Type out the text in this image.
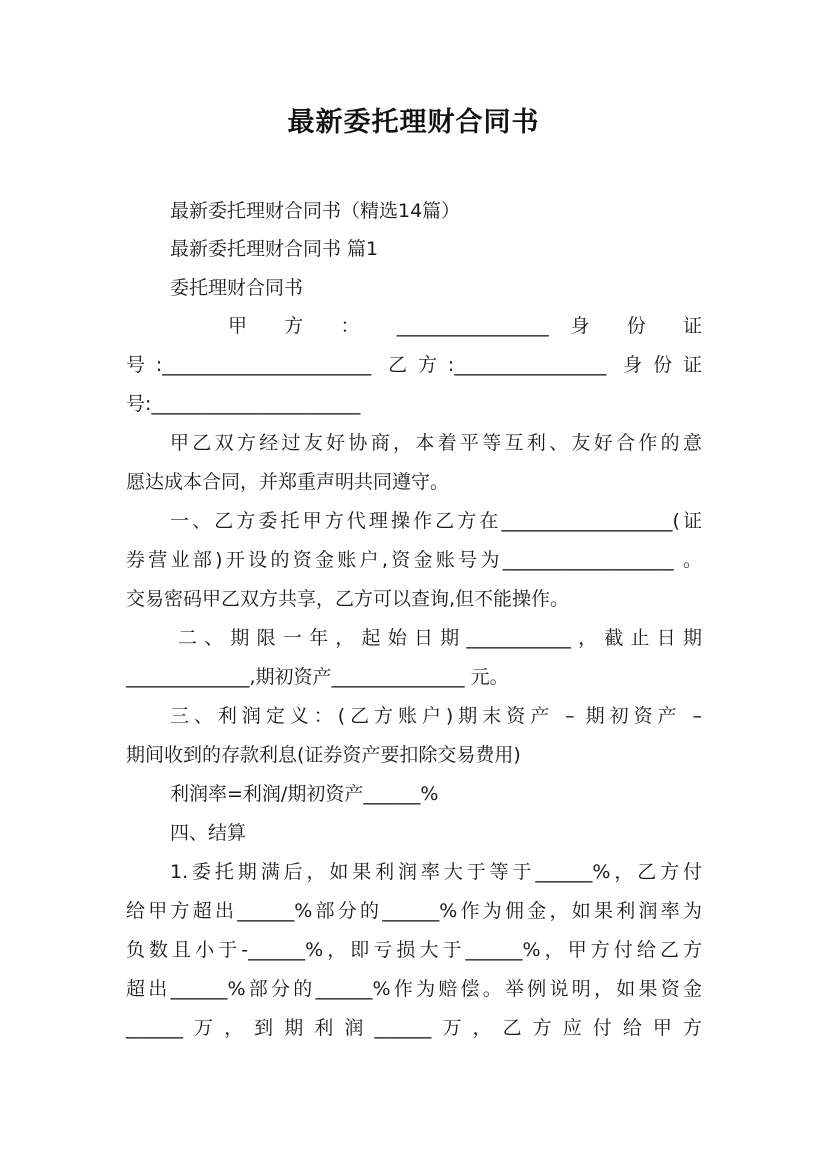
最新委托理财合同书
最新委托理财合同书（精选14篇）
最新委托理财合同书 篇1
委托理财合同书
甲 方 ： ________________ 身 份 证
号:______________________ 乙方:________________ 身份证
号:______________________
甲乙双方经过友好协商，本着平等互利、友好合作的意
愿达成本合同，并郑重声明共同遵守。
一、乙方委托甲方代理操作乙方在__________________(证
券营业部)开设的资金账户,资金账号为__________________ 。
交易密码甲乙双方共享，乙方可以查询,但不能操作。
二、期限一年，起始日期___________，截止日期
_____________,期初资产______________ 元。
三、利润定义：(乙方账户)期末资产 – 期初资产 –
期间收到的存款利息(证券资产要扣除交易费用)
利润率=利润/期初资产______%
四、结算
1.委托期满后，如果利润率大于等于______%，乙方付
给甲方超出______%部分的______%作为佣金，如果利润率为
负数且小于-______%，即亏损大于______%，甲方付给乙方
超出______%部分的______%作为赔偿。举例说明，如果资金
______万，到期利润______万，乙方应付给甲方
